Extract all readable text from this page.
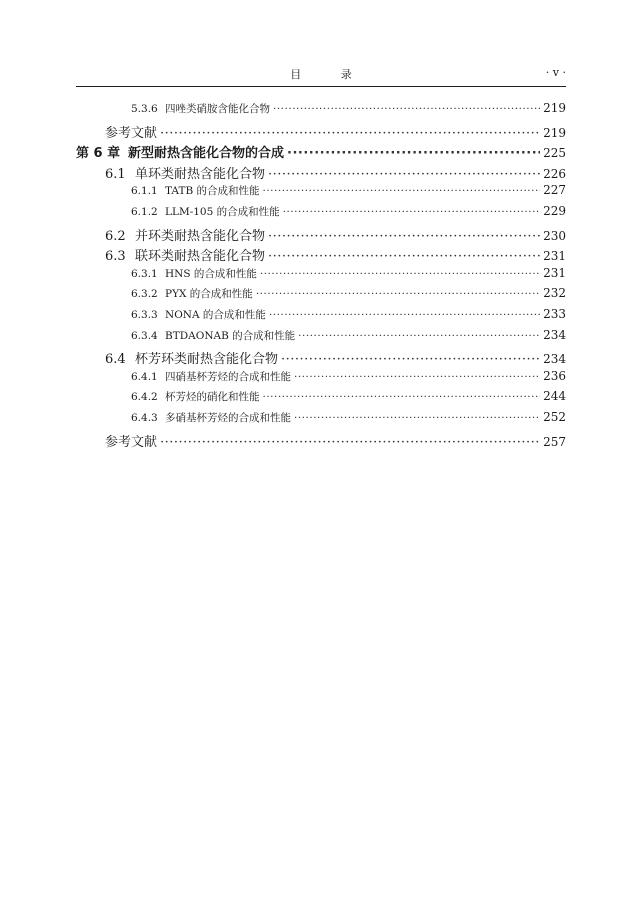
目 录	· v ·
5.3.6 四唑类硝胺含能化合物 ·····	219
参考文献 ·····	219
第 6 章 新型耐热含能化合物的合成 ·····	225
6.1 单环类耐热含能化合物 ·····	226
6.1.1 TATB 的合成和性能 ·····	227
6.1.2 LLM-105 的合成和性能 ·····	229
6.2 并环类耐热含能化合物 ·····	230
6.3 联环类耐热含能化合物 ·····	231
6.3.1 HNS 的合成和性能 ·····	231
6.3.2 PYX 的合成和性能 ·····	232
6.3.3 NONA 的合成和性能 ·····	233
6.3.4 BTDAONAB 的合成和性能 ·····	234
6.4 杯芳环类耐热含能化合物 ·····	234
6.4.1 四硝基杯芳烃的合成和性能 ·····	236
6.4.2 杯芳烃的硝化和性能 ·····	244
6.4.3 多硝基杯芳烃的合成和性能 ·····	252
参考文献 ·····	257
